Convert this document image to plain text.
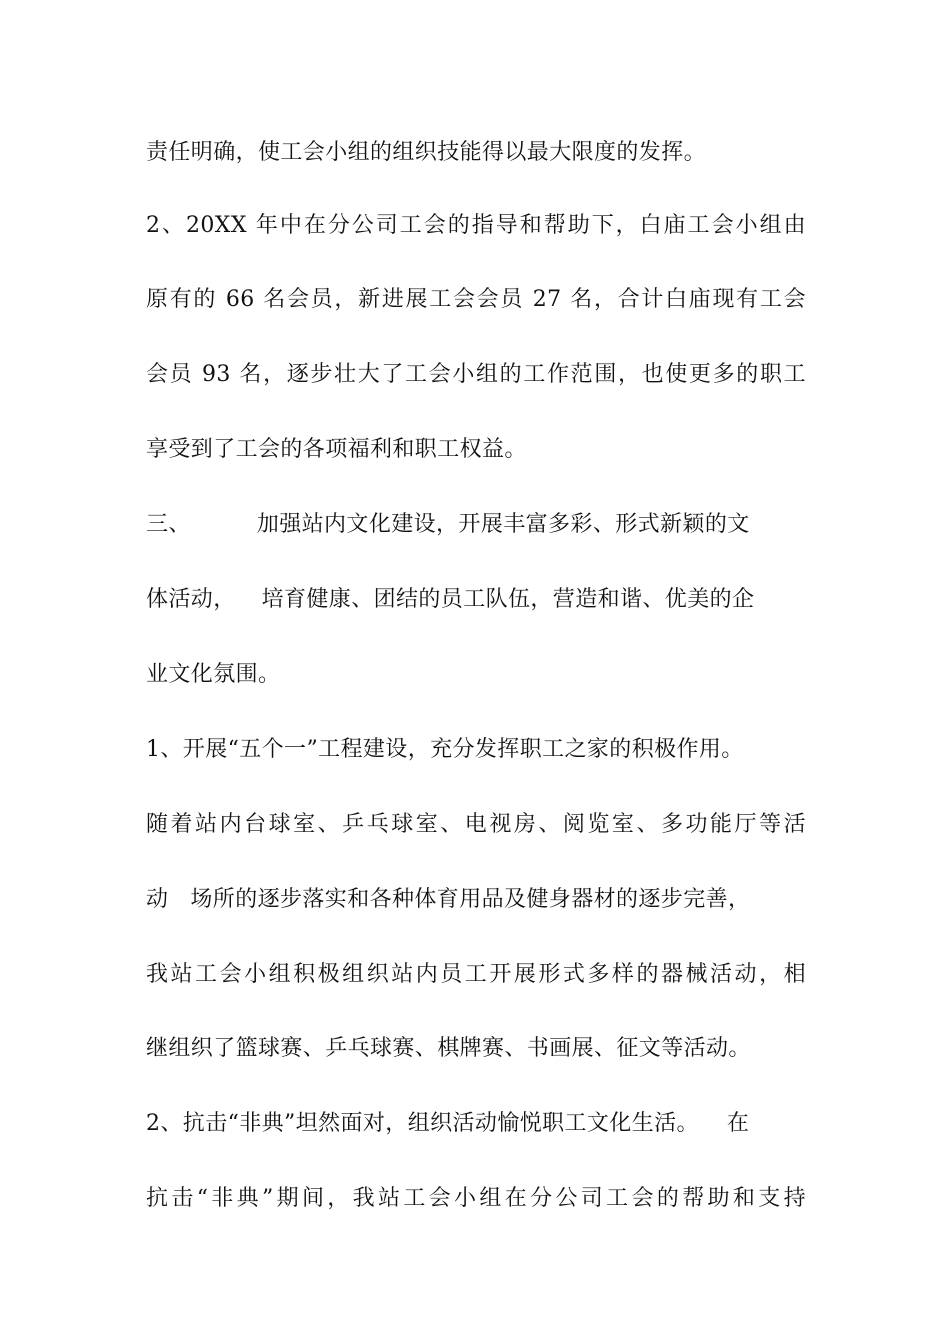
责任明确，使工会小组的组织技能得以最大限度的发挥。
2、20XX 年中在分公司工会的指导和帮助下，白庙工会小组由
原有的 66 名会员，新进展工会会员 27 名，合计白庙现有工会
会员 93 名，逐步壮大了工会小组的工作范围，也使更多的职工
享受到了工会的各项福利和职工权益。
三、	加强站内文化建设，开展丰富多彩、形式新颖的文
体活动， 培育健康、团结的员工队伍，营造和谐、优美的企
业文化氛围。
1、开展“五个一”工程建设，充分发挥职工之家的积极作用。
随着站内台球室、乒乓球室、电视房、阅览室、多功能厅等活
动 场所的逐步落实和各种体育用品及健身器材的逐步完善，
我站工会小组积极组织站内员工开展形式多样的器械活动，相
继组织了篮球赛、乒乓球赛、棋牌赛、书画展、征文等活动。
2、抗击“非典”坦然面对，组织活动愉悦职工文化生活。 在
抗击“非典”期间，我站工会小组在分公司工会的帮助和支持
